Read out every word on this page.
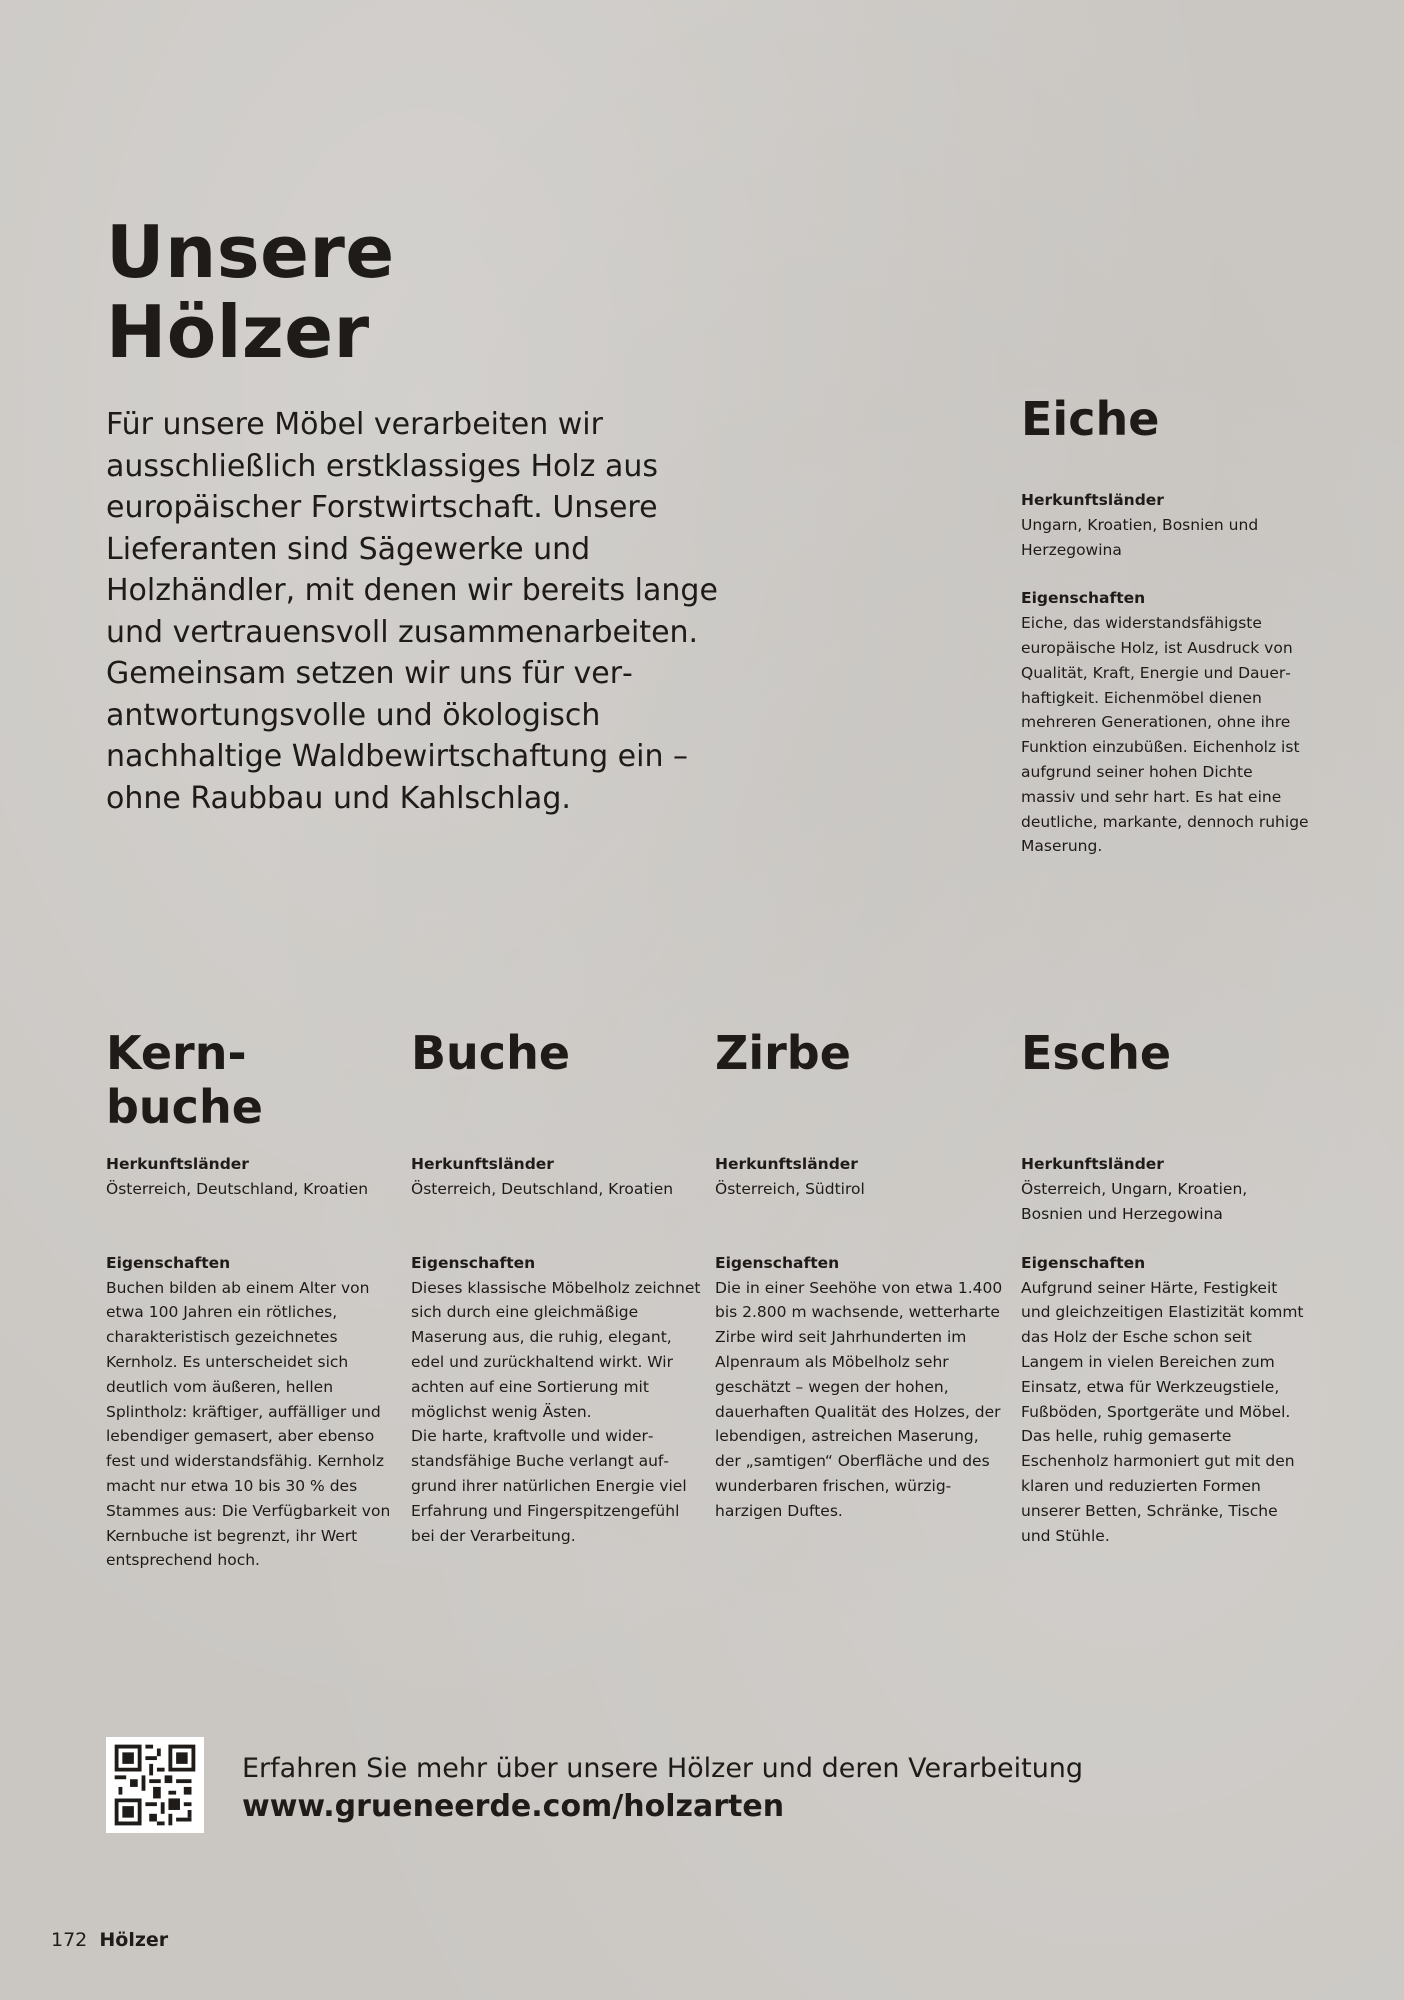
Unsere
Hölzer

Für unsere Möbel verarbeiten wir ausschließlich erstklassiges Holz aus europäischer Forstwirtschaft. Unsere Lieferanten sind Sägewerke und Holzhändler, mit denen wir bereits lange und vertrauensvoll zusammenarbeiten. Gemeinsam setzen wir uns für verantwortungsvolle und ökologisch nachhaltige Waldbewirtschaftung ein – ohne Raubbau und Kahlschlag.

Eiche
Herkunftsländer
Ungarn, Kroatien, Bosnien und Herzegowina
Eigenschaften
Eiche, das widerstandsfähigste europäische Holz, ist Ausdruck von Qualität, Kraft, Energie und Dauerhaftigkeit. Eichenmöbel dienen mehreren Generationen, ohne ihre Funktion einzubüßen. Eichenholz ist aufgrund seiner hohen Dichte massiv und sehr hart. Es hat eine deutliche, markante, dennoch ruhige Maserung.
Kern-
buche
Herkunftsländer
Österreich, Deutschland, Kroatien
Eigenschaften
Buchen bilden ab einem Alter von etwa 100 Jahren ein rötliches, charakteristisch gezeichnetes Kernholz. Es unterscheidet sich deutlich vom äußeren, hellen Splintholz: kräftiger, auffälliger und lebendiger gemasert, aber ebenso fest und widerstandsfähig. Kernholz macht nur etwa 10 bis 30 % des Stammes aus: Die Verfügbarkeit von Kernbuche ist begrenzt, ihr Wert entsprechend hoch.
Buche
Herkunftsländer
Österreich, Deutschland, Kroatien
Eigenschaften
Dieses klassische Möbelholz zeichnet sich durch eine gleichmäßige Maserung aus, die ruhig, elegant, edel und zurückhaltend wirkt. Wir achten auf eine Sortierung mit möglichst wenig Ästen.
Die harte, kraftvolle und widerstandsfähige Buche verlangt aufgrund ihrer natürlichen Energie viel Erfahrung und Fingerspitzengefühl bei der Verarbeitung.
Zirbe
Herkunftsländer
Österreich, Südtirol
Eigenschaften
Die in einer Seehöhe von etwa 1.400 bis 2.800 m wachsende, wetterharte Zirbe wird seit Jahrhunderten im Alpenraum als Möbelholz sehr geschätzt – wegen der hohen, dauerhaften Qualität des Holzes, der lebendigen, astreichen Maserung, der „samtigen“ Oberfläche und des wunderbaren frischen, würzig-harzigen Duftes.
Esche
Herkunftsländer
Österreich, Ungarn, Kroatien, Bosnien und Herzegowina
Eigenschaften
Aufgrund seiner Härte, Festigkeit und gleichzeitigen Elastizität kommt das Holz der Esche schon seit Langem in vielen Bereichen zum Einsatz, etwa für Werkzeugstiele, Fußböden, Sportgeräte und Möbel. Das helle, ruhig gemaserte Eschenholz harmoniert gut mit den klaren und reduzierten Formen unserer Betten, Schränke, Tische und Stühle.
Erfahren Sie mehr über unsere Hölzer und deren Verarbeitung
www.grueneerde.com/holzarten
172 Hölzer
